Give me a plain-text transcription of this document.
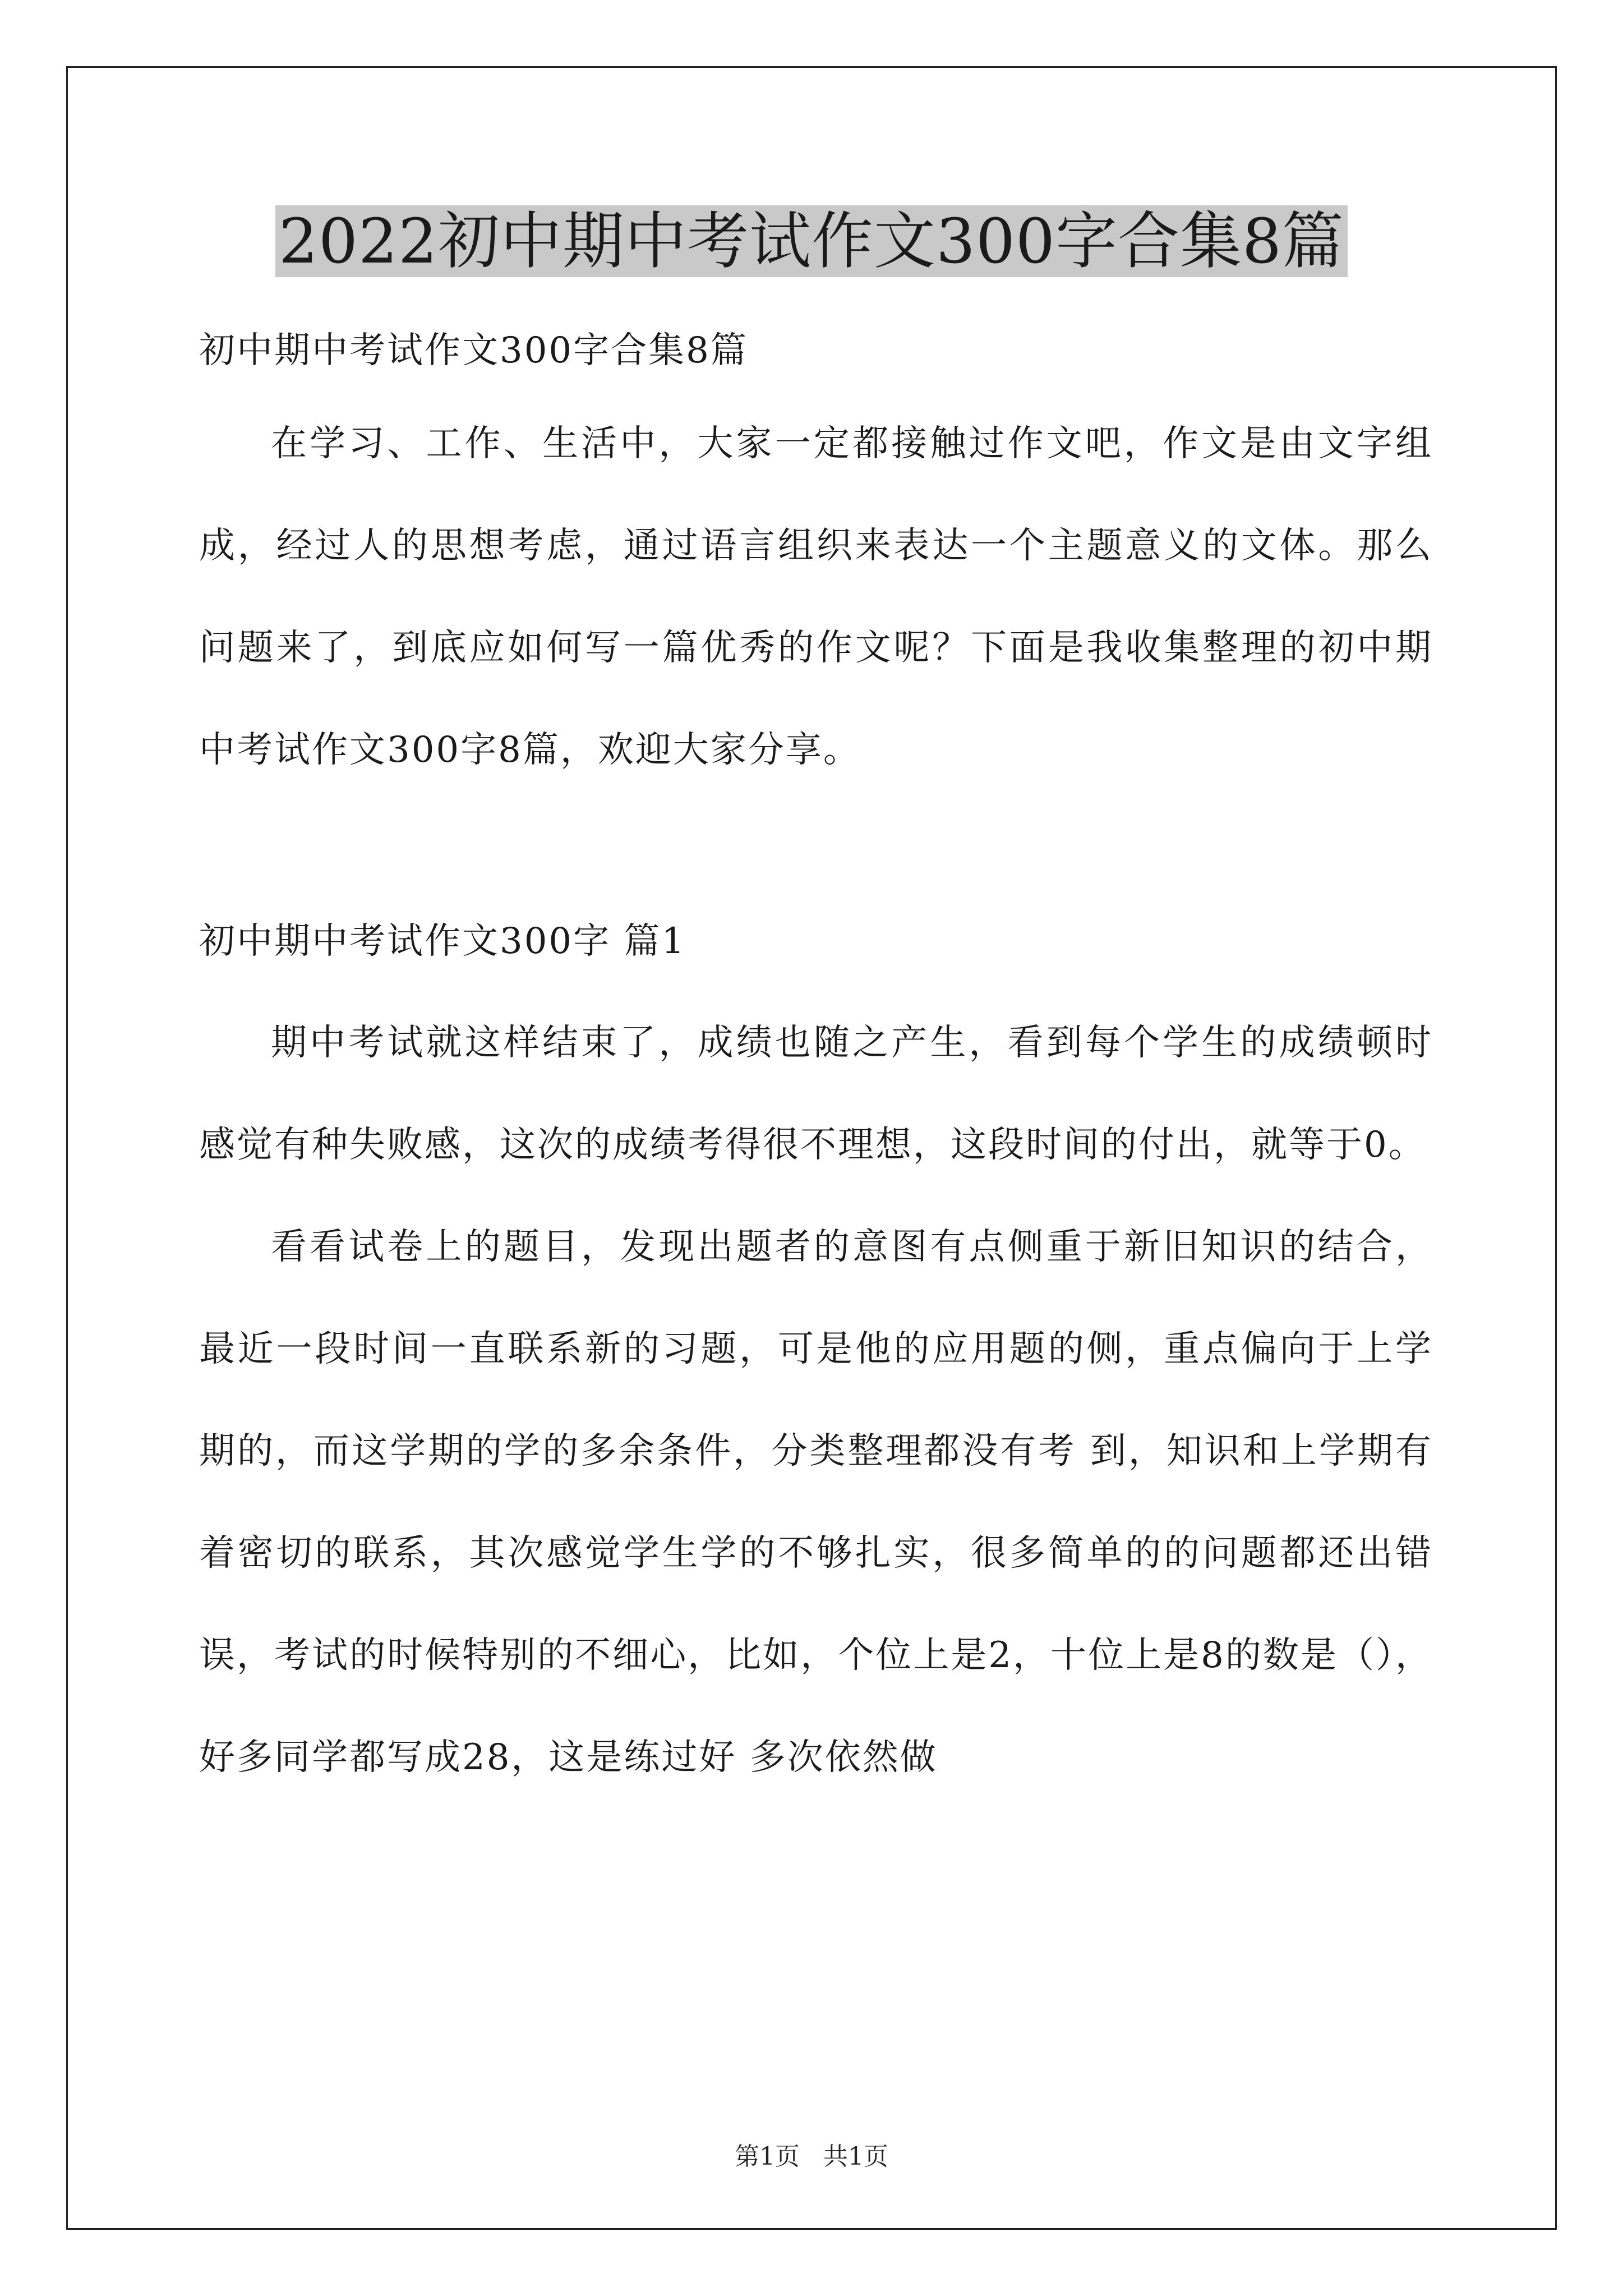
2022初中期中考试作文300字合集8篇

初中期中考试作文300字合集8篇

在学习、工作、生活中，大家一定都接触过作文吧，作文是由文字组成，经过人的思想考虑，通过语言组织来表达一个主题意义的文体。那么问题来了，到底应如何写一篇优秀的作文呢？下面是我收集整理的初中期中考试作文300字8篇，欢迎大家分享。

初中期中考试作文300字 篇1

期中考试就这样结束了，成绩也随之产生，看到每个学生的成绩顿时感觉有种失败感，这次的成绩考得很不理想，这段时间的付出，就等于0。

看看试卷上的题目，发现出题者的意图有点侧重于新旧知识的结合，最近一段时间一直联系新的习题，可是他的应用题的侧，重点偏向于上学期的，而这学期的学的多余条件，分类整理都没有考 到，知识和上学期有着密切的联系，其次感觉学生学的不够扎实，很多简单的的问题都还出错误，考试的时候特别的不细心，比如，个位上是2，十位上是8的数是（），好多同学都写成28，这是练过好 多次依然做

第1页 共1页
